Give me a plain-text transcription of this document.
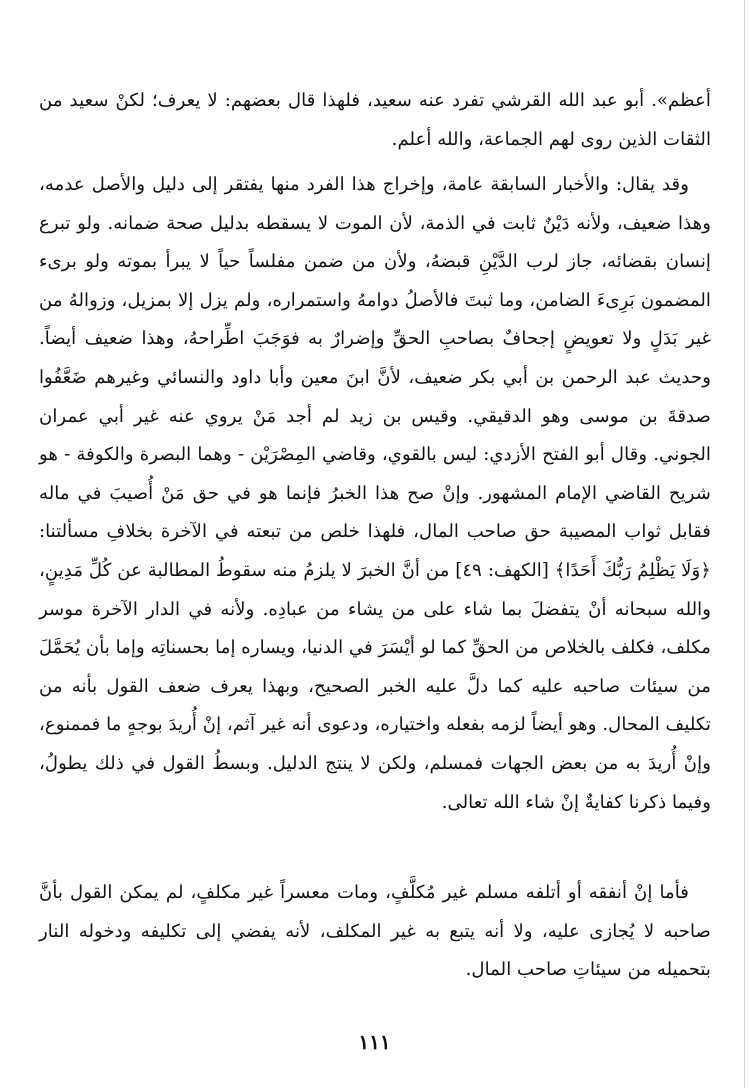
أعظم». أبو عبد الله القرشي تفرد عنه سعيد، فلهذا قال بعضهم: لا يعرف؛ لكنْ سعيد من الثقات الذين روى لهم الجماعة، والله أعلم.

وقد يقال: والأخبار السابقة عامة، وإخراج هذا الفرد منها يفتقر إلى دليل والأصل عدمه، وهذا ضعيف، ولأنه دَيْنٌ ثابت في الذمة، لأن الموت لا يسقطه بدليل صحة ضمانه. ولو تبرع إنسان بقضائه، جاز لرب الدَّيْنِ قبضهُ، ولأن من ضمن مفلساً حياً لا يبرأ بموته ولو برىء المضمون بَرِىءَ الضامن، وما ثبتَ فالأصلُ دوامهُ واستمراره، ولم يزل إلا بمزيل، وزوالهُ من غير بَدَلٍ ولا تعويضٍ إجحافٌ بصاحبِ الحقِّ وإضرارٌ به فوَجَبَ اطِّراحهُ، وهذا ضعيف أيضاً. وحديث عبد الرحمن بن أبي بكر ضعيف، لأنَّ ابنَ معين وأبا داود والنسائي وغيرهم ضَعَّفُوا صدقةَ بن موسى وهو الدقيقي. وقيس بن زيد لم أجد مَنْ يروي عنه غير أبي عمران الجوني. وقال أبو الفتح الأزدي: ليس بالقوي، وقاضي المِصْرَيْن - وهما البصرة والكوفة - هو شريح القاضي الإمام المشهور. وإنْ صح هذا الخبرُ فإنما هو في حق مَنْ أُصيبَ في ماله فقابل ثواب المصيبة حق صاحب المال، فلهذا خلص من تبعته في الآخرة بخلافِ مسألتنا: ﴿وَلَا يَظْلِمُ رَبُّكَ أَحَدًا﴾ [الكهف: ٤٩] من أنَّ الخبرَ لا يلزمُ منه سقوطُ المطالبة عن كُلِّ مَدِينٍ، والله سبحانه أنْ يتفضلَ بما شاء على من يشاء من عبادِه. ولأنه في الدار الآخرة موسر مكلف، فكلف بالخلاص من الحقِّ كما لو أيْسَرَ في الدنيا، ويساره إما بحسناتِه وإما بأن يُحَمَّلَ من سيئات صاحبه عليه كما دلَّ عليه الخبر الصحيح، وبهذا يعرف ضعف القول بأنه من تكليف المحال. وهو أيضاً لزمه بفعله واختياره، ودعوى أنه غير آثم، إنْ أُريدَ بوجهٍ ما فممنوع، وإنْ أُريدَ به من بعض الجهات فمسلم، ولكن لا ينتج الدليل. وبسطُ القول في ذلك يطولُ، وفيما ذكرنا كفايةٌ إنْ شاء الله تعالى.

فأما إنْ أنفقه أو أتلفه مسلم غير مُكلَّفٍ، ومات معسراً غير مكلفٍ، لم يمكن القول بأنَّ صاحبه لا يُجازى عليه، ولا أنه يتبع به غير المكلف، لأنه يفضي إلى تكليفه ودخوله النار بتحميله من سيئاتِ صاحب المال.

١١١
